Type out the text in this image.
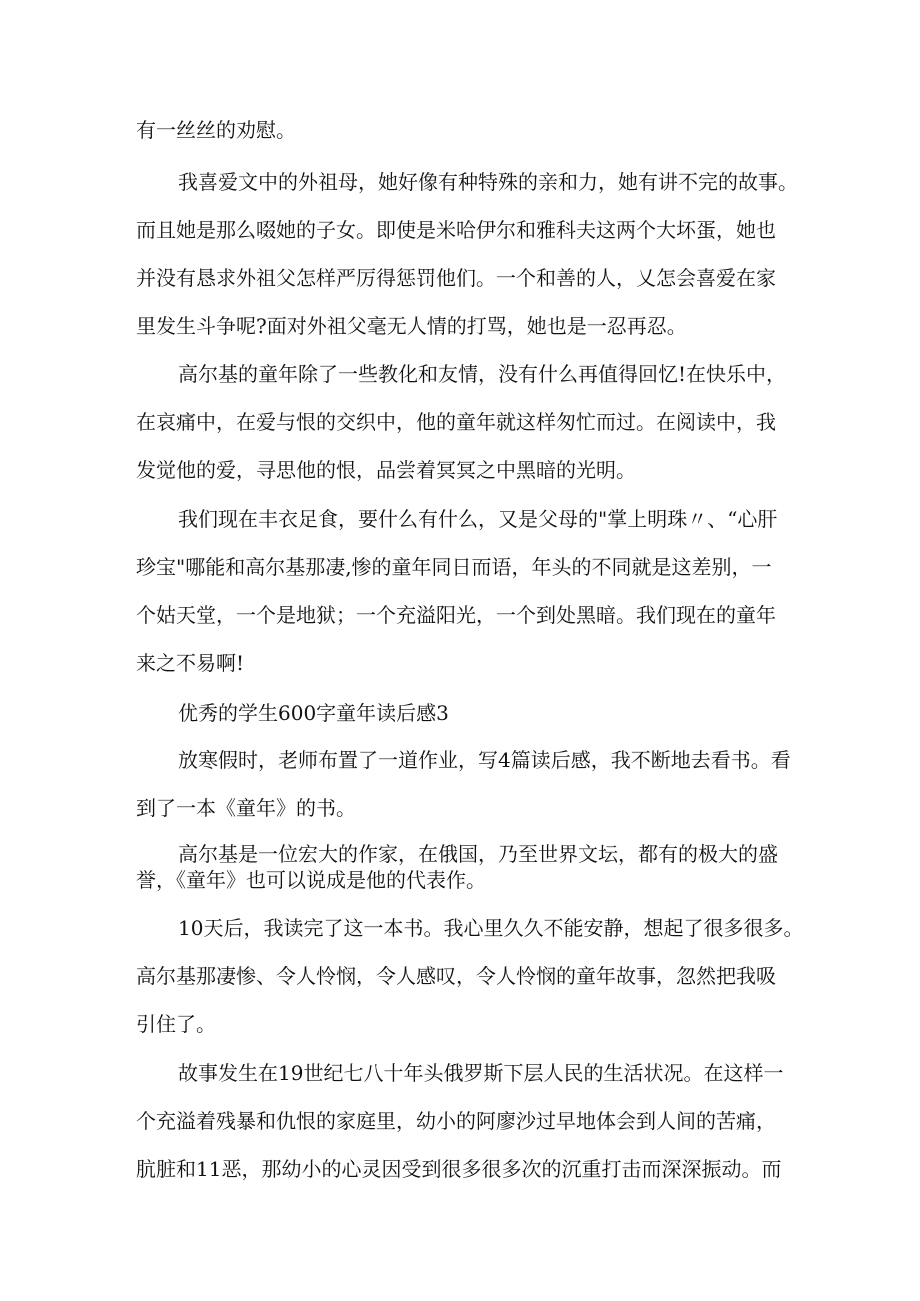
有一丝丝的劝慰。
我喜爱文中的外祖母，她好像有种特殊的亲和力，她有讲不完的故事。
而且她是那么啜她的子女。即使是米哈伊尔和雅科夫这两个大坏蛋，她也
并没有恳求外祖父怎样严厉得惩罚他们。一个和善的人，乂怎会喜爱在家
里发生斗争呢?面对外祖父毫无人情的打骂，她也是一忍再忍。
高尔基的童年除了一些教化和友情，没有什么再值得回忆!在快乐中，
在哀痛中，在爱与恨的交织中，他的童年就这样匆忙而过。在阅读中，我
发觉他的爱，寻思他的恨，品尝着冥冥之中黑暗的光明。
我们现在丰衣足食，要什么有什么，又是父母的"掌上明珠〃、“心肝
珍宝"哪能和高尔基那凄,惨的童年同日而语，年头的不同就是这差别，一
个姑天堂，一个是地狱；一个充溢阳光，一个到处黑暗。我们现在的童年
来之不易啊!
优秀的学生600字童年读后感3
放寒假时，老师布置了一道作业，写4篇读后感，我不断地去看书。看
到了一本《童年》的书。
高尔基是一位宏大的作家，在俄国，乃至世界文坛，都有的极大的盛
誉，《童年》也可以说成是他的代表作。
10天后，我读完了这一本书。我心里久久不能安静，想起了很多很多。
高尔基那凄惨、令人怜悯，令人感叹，令人怜悯的童年故事，忽然把我吸
引住了。
故事发生在19世纪七八十年头俄罗斯下层人民的生活状况。在这样一
个充溢着残暴和仇恨的家庭里，幼小的阿廖沙过早地体会到人间的苦痛，
肮脏和11恶，那幼小的心灵因受到很多很多次的沉重打击而深深振动。而
